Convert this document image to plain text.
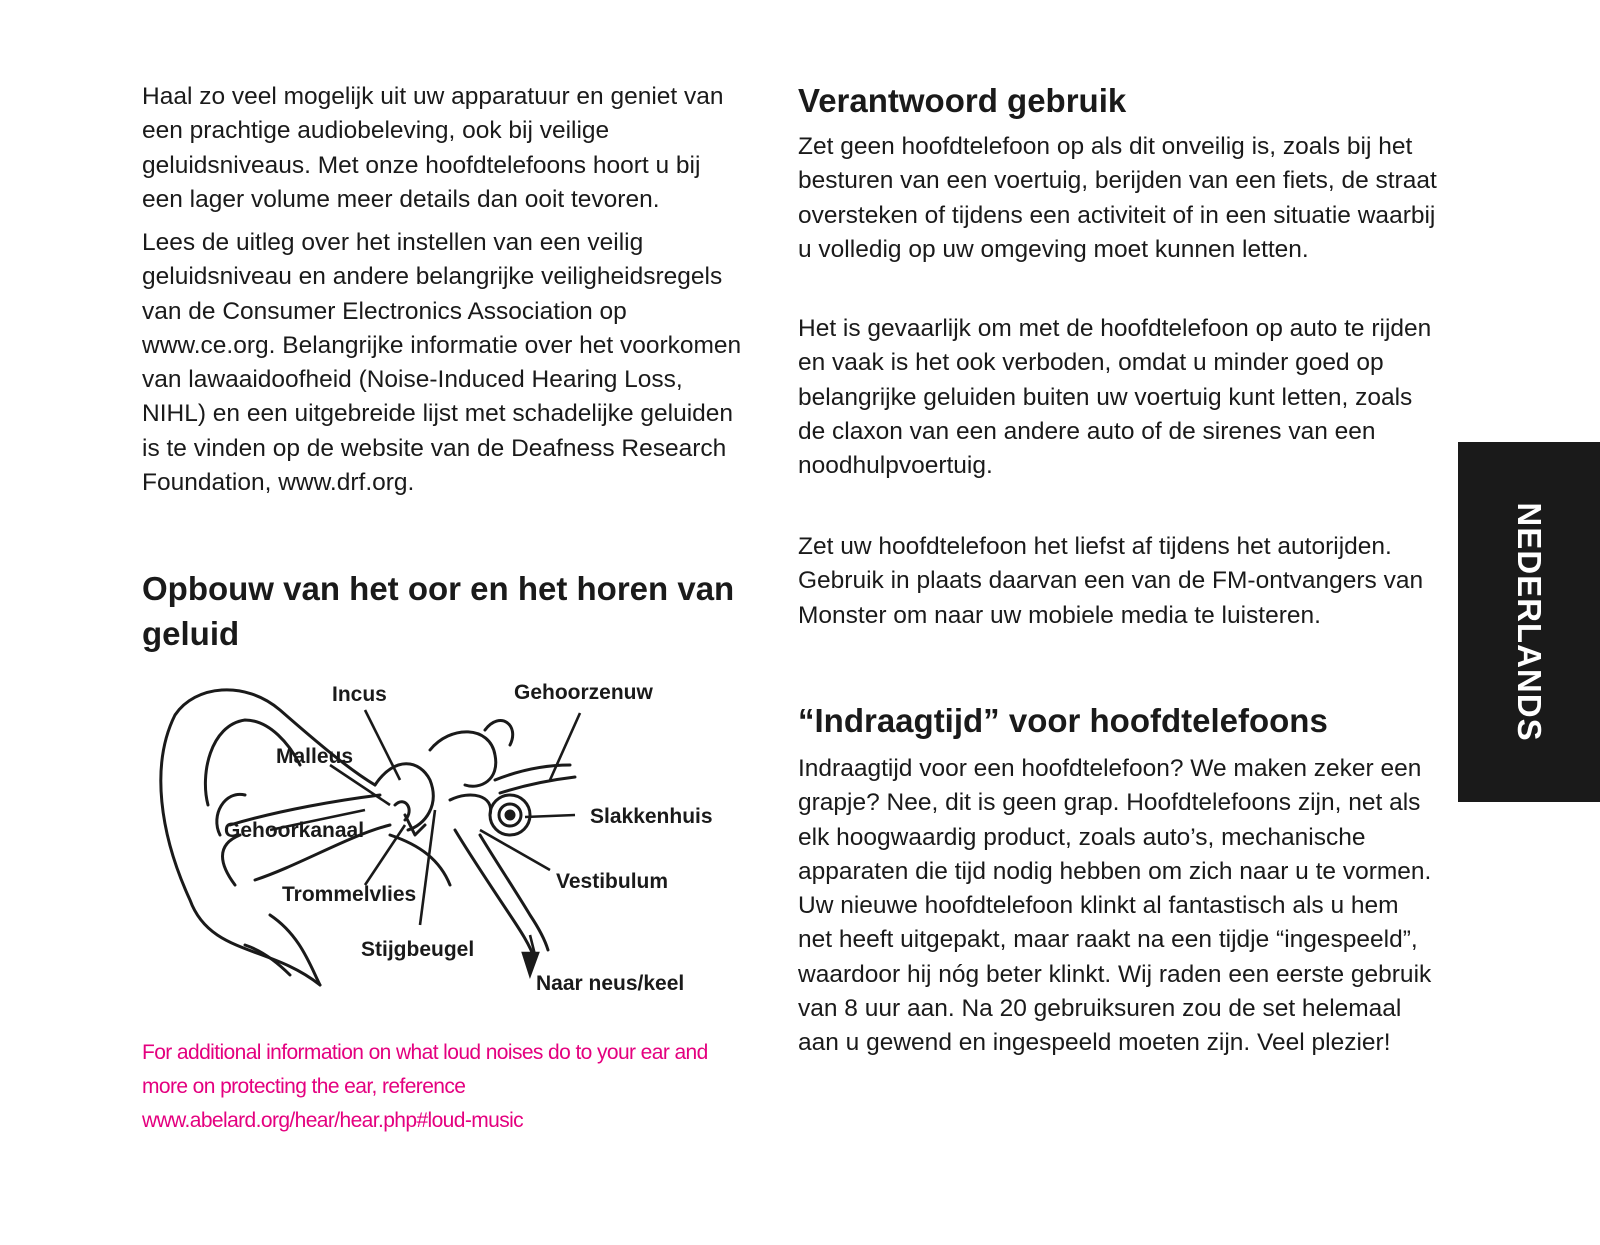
Haal zo veel mogelijk uit uw apparatuur en geniet van een prachtige audiobeleving, ook bij veilige geluidsniveaus. Met onze hoofdtelefoons hoort u bij een lager volume meer details dan ooit tevoren.

Lees de uitleg over het instellen van een veilig geluidsniveau en andere belangrijke veiligheidsregels van de Consumer Electronics Association op www.ce.org. Belangrijke informatie over het voorkomen van lawaaidoofheid (Noise-Induced Hearing Loss, NIHL) en een uitgebreide lijst met schadelijke geluiden is te vinden op de website van de Deafness Research Foundation, www.drf.org.

Opbouw van het oor en het horen van geluid
For additional information on what loud noises do to your ear and more on protecting the ear, reference www.abelard.org/hear/hear.php#loud-music
Incus	Gehoorzenuw
Malleus
Slakkenhuis
Gehoorkanaal
Vestibulum
Trommelvlies
Stijgbeugel
Naar neus/keel
Verantwoord gebruik

Zet geen hoofdtelefoon op als dit onveilig is, zoals bij het besturen van een voertuig, berijden van een fiets, de straat oversteken of tijdens een activiteit of in een situatie waarbij u volledig op uw omgeving moet kunnen letten.

Het is gevaarlijk om met de hoofdtelefoon op auto te rijden en vaak is het ook verboden, omdat u minder goed op belangrijke geluiden buiten uw voertuig kunt letten, zoals de claxon van een andere auto of de sirenes van een noodhulpvoertuig.

Zet uw hoofdtelefoon het liefst af tijdens het autorijden. Gebruik in plaats daarvan een van de FM-ontvangers van Monster om naar uw mobiele media te luisteren.

“Indraagtijd” voor hoofdtelefoons

Indraagtijd voor een hoofdtelefoon? We maken zeker een grapje? Nee, dit is geen grap. Hoofdtelefoons zijn, net als elk hoogwaardig product, zoals auto’s, mechanische apparaten die tijd nodig hebben om zich naar u te vormen. Uw nieuwe hoofdtelefoon klinkt al fantastisch als u hem net heeft uitgepakt, maar raakt na een tijdje “ingespeeld”, waardoor hij nóg beter klinkt. Wij raden een eerste gebruik van 8 uur aan. Na 20 gebruiksuren zou de set helemaal aan u gewend en ingespeeld moeten zijn. Veel plezier!

NEDERLANDS
